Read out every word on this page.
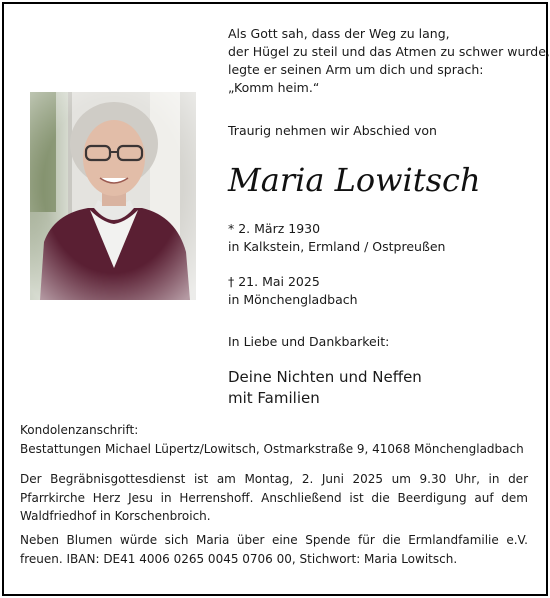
Als Gott sah, dass der Weg zu lang,
der Hügel zu steil und das Atmen zu schwer wurde,
legte er seinen Arm um dich und sprach:
„Komm heim.“
Traurig nehmen wir Abschied von
Maria Lowitsch
* 2. März 1930
in Kalkstein, Ermland / Ostpreußen
† 21. Mai 2025
in Mönchengladbach
In Liebe und Dankbarkeit:
Deine Nichten und Neffen
mit Familien
Kondolenzanschrift:
Bestattungen Michael Lüpertz/Lowitsch, Ostmarkstraße 9, 41068 Mönchengladbach
Der Begräbnisgottesdienst ist am Montag, 2. Juni 2025 um 9.30 Uhr, in der Pfarrkirche Herz Jesu in Herrenshoff. Anschließend ist die Beerdigung auf dem Waldfriedhof in Korschenbroich.
Neben Blumen würde sich Maria über eine Spende für die Ermlandfamilie e.V. freuen. IBAN: DE41 4006 0265 0045 0706 00, Stichwort: Maria Lowitsch.
